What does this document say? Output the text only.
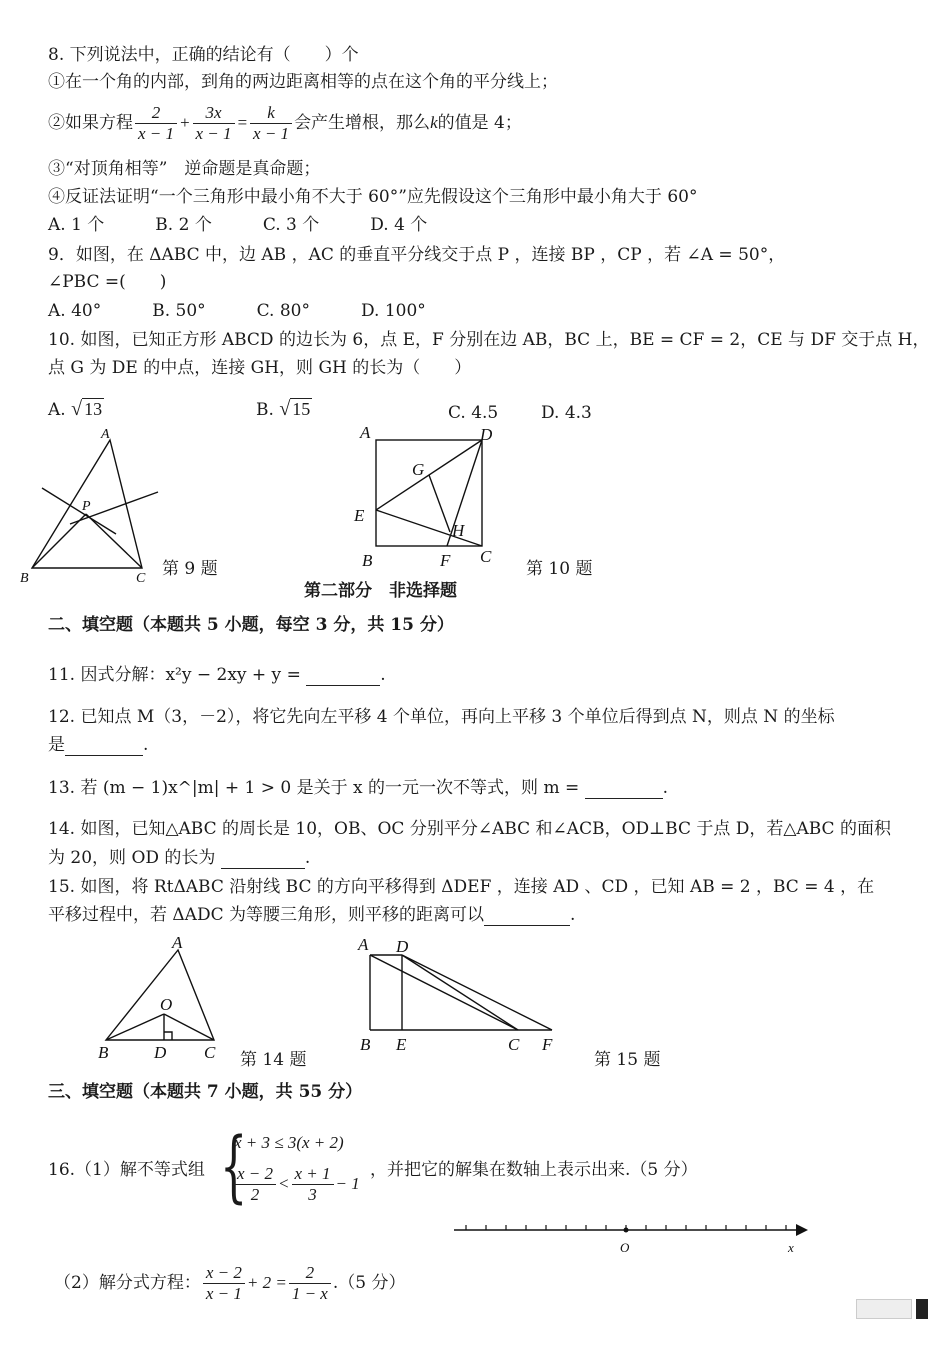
8. 下列说法中，正确的结论有（　　）个
①在一个角的内部，到角的两边距离相等的点在这个角的平分线上；
②如果方程 $\frac{2}{x - 1} + \frac{3x}{x - 1} = \frac{k}{x - 1}$ 会产生增根，那么k的值是 4；
③“对顶角相等”　逆命题是真命题；
④反证法证明“一个三角形中最小角不大于 60°”应先假设这个三角形中最小角大于 60°
A. 1 个　　　B. 2 个　　　C. 3 个　　　D. 4 个
9．如图，在 ΔABC 中，边 AB ，AC 的垂直平分线交于点 P ，连接 BP ，CP ，若 ∠A = 50°，
∠PBC =(　　)
A. 40°　　　B. 50°　　　C. 80°　　　D. 100°
10. 如图，已知正方形 ABCD 的边长为 6，点 E，F 分别在边 AB，BC 上，BE = CF = 2，CE 与 DF 交于点 H，
点 G 为 DE 的中点，连接 GH，则 GH 的长为（　　）
A. √ 13	B. √ 15	C. 4.5	D. 4.3
A
B	C
P
第 9 题
A	D
G
E
H
B	F C
第 10 题
第二部分　非选择题
二、填空题（本题共 5 小题，每空 3 分，共 15 分）
11. 因式分解：x²y − 2xy + y =	.
12. 已知点 M（3，－2），将它先向左平移 4 个单位，再向上平移 3 个单位后得到点 N，则点 N 的坐标
是	.
13. 若 (m − 1)x^|m| + 1 > 0 是关于 x 的一元一次不等式，则 m =	.
14. 如图，已知△ABC 的周长是 10，OB、OC 分别平分∠ABC 和∠ACB，OD⊥BC 于点 D，若△ABC 的面积
为 20，则 OD 的长为	.
15. 如图，将 RtΔABC 沿射线 BC 的方向平移得到 ΔDEF ，连接 AD 、CD ，已知 AB = 2 ，BC = 4 ，在
平移过程中，若 ΔADC 为等腰三角形，则平移的距离可以	.
A
O
B	D C 第 14 题
A D
B E	C F
第 15 题
三、填空题（本题共 7 小题，共 55 分）
16.（1）解不等式组 {
x + 3 ≤ 3(x + 2)
$\frac{x - 2}{2} < \frac{x + 1}{3} - 1$
，并把它的解集在数轴上表示出来.（5 分）
O	x
（2）解分式方程： $\frac{x - 2}{x - 1} + 2 = \frac{2}{1 - x} .(5$ 分）
